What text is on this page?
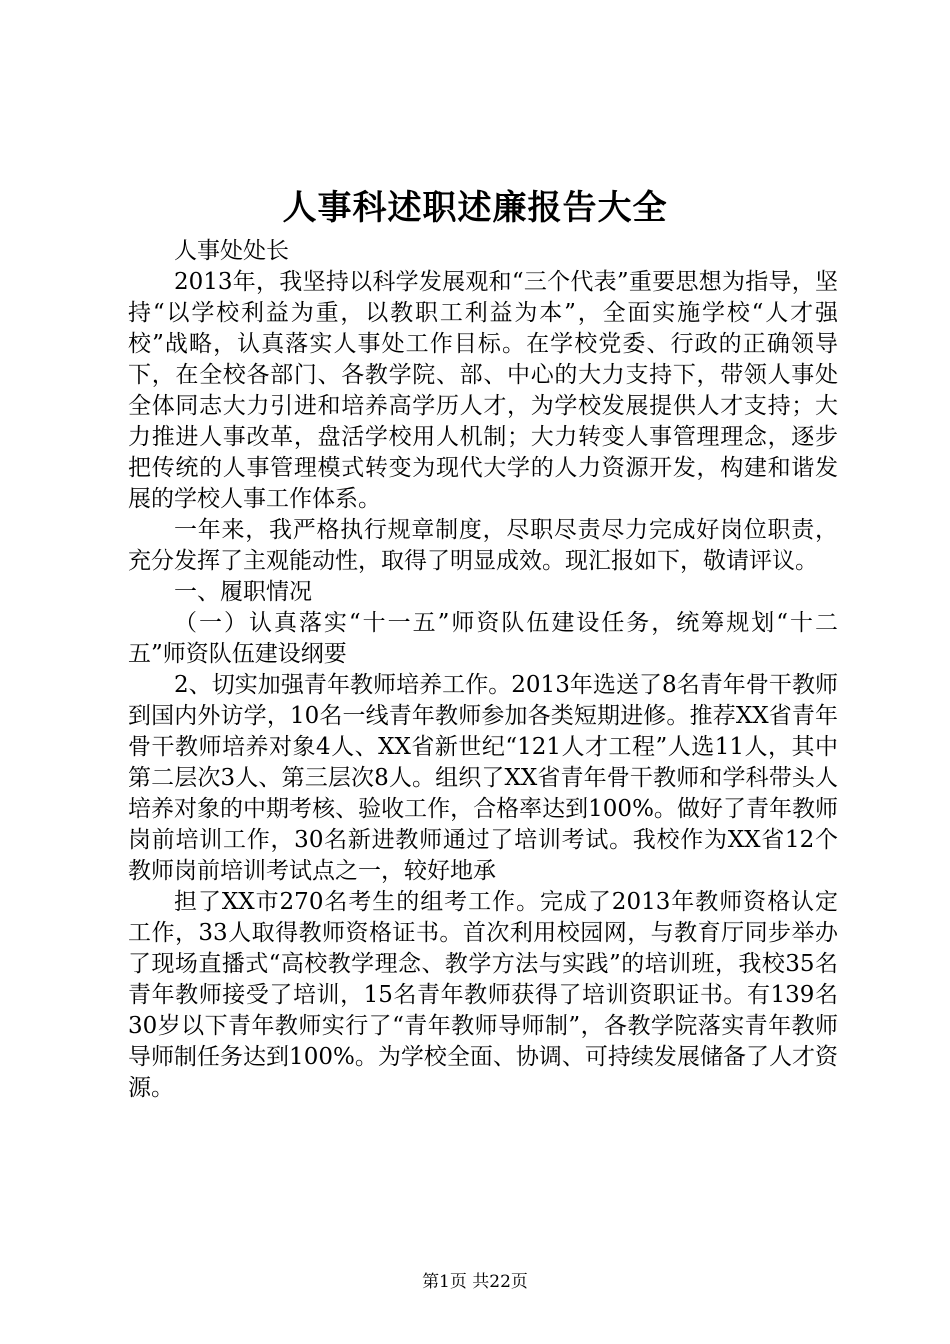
人事科述职述廉报告大全

人事处处长

2013年，我坚持以科学发展观和“三个代表”重要思想为指导，坚持“以学校利益为重，以教职工利益为本”，全面实施学校“人才强校”战略，认真落实人事处工作目标。在学校党委、行政的正确领导下，在全校各部门、各教学院、部、中心的大力支持下，带领人事处全体同志大力引进和培养高学历人才，为学校发展提供人才支持；大力推进人事改革，盘活学校用人机制；大力转变人事管理理念，逐步把传统的人事管理模式转变为现代大学的人力资源开发，构建和谐发展的学校人事工作体系。

一年来，我严格执行规章制度，尽职尽责尽力完成好岗位职责，充分发挥了主观能动性，取得了明显成效。现汇报如下，敬请评议。

一、履职情况

（一）认真落实“十一五”师资队伍建设任务，统筹规划“十二五”师资队伍建设纲要

2、切实加强青年教师培养工作。2013年选送了8名青年骨干教师到国内外访学，10名一线青年教师参加各类短期进修。推荐XX省青年骨干教师培养对象4人、XX省新世纪“121人才工程”人选11人，其中第二层次3人、第三层次8人。组织了XX省青年骨干教师和学科带头人培养对象的中期考核、验收工作，合格率达到100%。做好了青年教师岗前培训工作，30名新进教师通过了培训考试。我校作为XX省12个教师岗前培训考试点之一，较好地承

担了XX市270名考生的组考工作。完成了2013年教师资格认定工作，33人取得教师资格证书。首次利用校园网，与教育厅同步举办了现场直播式“高校教学理念、教学方法与实践”的培训班，我校35名青年教师接受了培训，15名青年教师获得了培训资职证书。有139名30岁以下青年教师实行了“青年教师导师制”，各教学院落实青年教师导师制任务达到100%。为学校全面、协调、可持续发展储备了人才资源。

第1页 共22页
